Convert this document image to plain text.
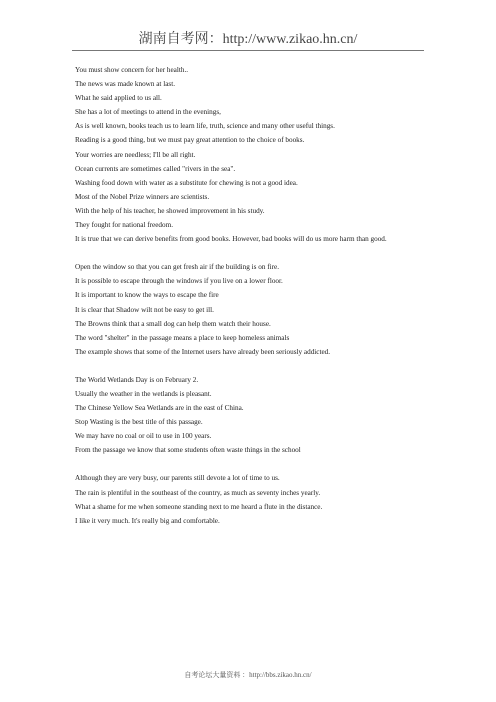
湖南自考网：http://www.zikao.hn.cn/

You must show concern for her health..

The news was made known at last.

What he said applied to us all.

She has a lot of meetings to attend in the evenings,

As is well known, books teach us to learn life, truth, science and many other useful things.

Reading is a good thing, but we must pay great attention to the choice of books.

Your worries are needless; I'll be all right.

Ocean currents are sometimes called "rivers in the sea".

Washing food down with water as a substitute for chewing is not a good idea.

Most of the Nobel Prize winners are scientists.

With the help of his teacher, he showed improvement in his study.

They fought for national freedom.

It is true that we can derive benefits from good books. However, bad books will do us more harm than good.

Open the window so that you can get fresh air if the building is on fire.

It is possible to escape through the windows if you live on a lower floor.

It is important to know the ways to escape the fire

It is clear that Shadow wilt not be easy to get ill.

The Browns think that a small dog can help them watch their house.

The word "shelter" in the passage means a place to keep homeless animals

The example shows that some of the Internet users have already been seriously addicted.

The World Wetlands Day is on February 2.

Usually the weather in the wetlands is pleasant.

The Chinese Yellow Sea Wetlands are in the east of China.

Stop Wasting is the best title of this passage.

We may have no coal or oil to use in 100 years.

From the passage we know that some students often waste things in the school

Although they are very busy, our parents still devote a lot of time to us.

The rain is plentiful in the southeast of the country, as much as seventy inches yearly.

What a shame for me when someone standing next to me heard a flute in the distance.

I like it very much. It's really big and comfortable.

自考论坛大量资料 ：http://bbs.zikao.hn.cn/
